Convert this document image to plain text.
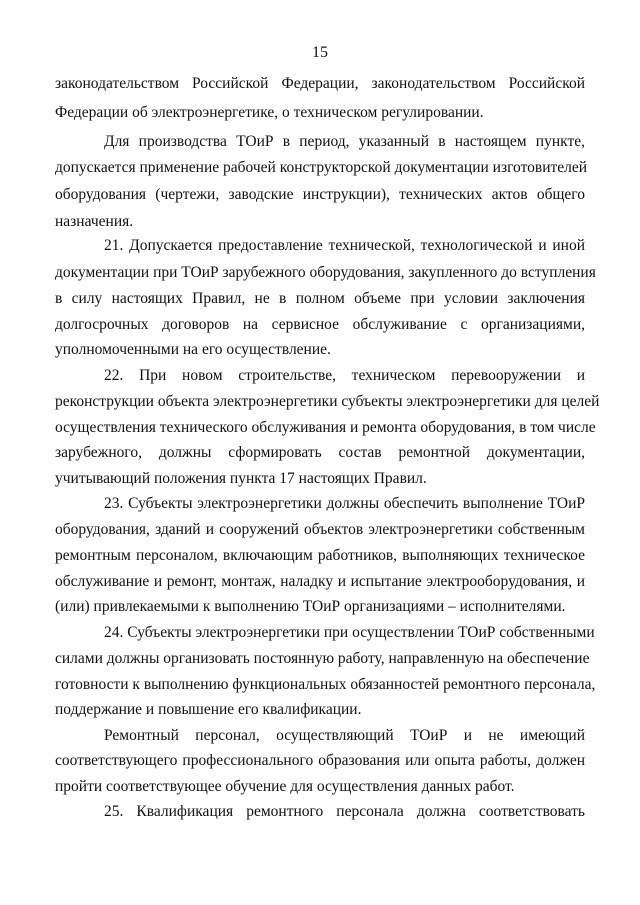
15
законодательством Российской Федерации, законодательством Российской
Федерации об электроэнергетике, о техническом регулировании.
Для производства ТОиР в период, указанный в настоящем пункте,
допускается применение рабочей конструкторской документации изготовителей
оборудования (чертежи, заводские инструкции), технических актов общего
назначения.
21. Допускается предоставление технической, технологической и иной
документации при ТОиР зарубежного оборудования, закупленного до вступления
в силу настоящих Правил, не в полном объеме при условии заключения
долгосрочных договоров на сервисное обслуживание с организациями,
уполномоченными на его осуществление.
22. При новом строительстве, техническом перевооружении и
реконструкции объекта электроэнергетики субъекты электроэнергетики для целей
осуществления технического обслуживания и ремонта оборудования, в том числе
зарубежного, должны сформировать состав ремонтной документации,
учитывающий положения пункта 17 настоящих Правил.
23. Субъекты электроэнергетики должны обеспечить выполнение ТОиР
оборудования, зданий и сооружений объектов электроэнергетики собственным
ремонтным персоналом, включающим работников, выполняющих техническое
обслуживание и ремонт, монтаж, наладку и испытание электрооборудования, и
(или) привлекаемыми к выполнению ТОиР организациями – исполнителями.
24. Субъекты электроэнергетики при осуществлении ТОиР собственными
силами должны организовать постоянную работу, направленную на обеспечение
готовности к выполнению функциональных обязанностей ремонтного персонала,
поддержание и повышение его квалификации.
Ремонтный персонал, осуществляющий ТОиР и не имеющий
соответствующего профессионального образования или опыта работы, должен
пройти соответствующее обучение для осуществления данных работ.
25. Квалификация ремонтного персонала должна соответствовать
